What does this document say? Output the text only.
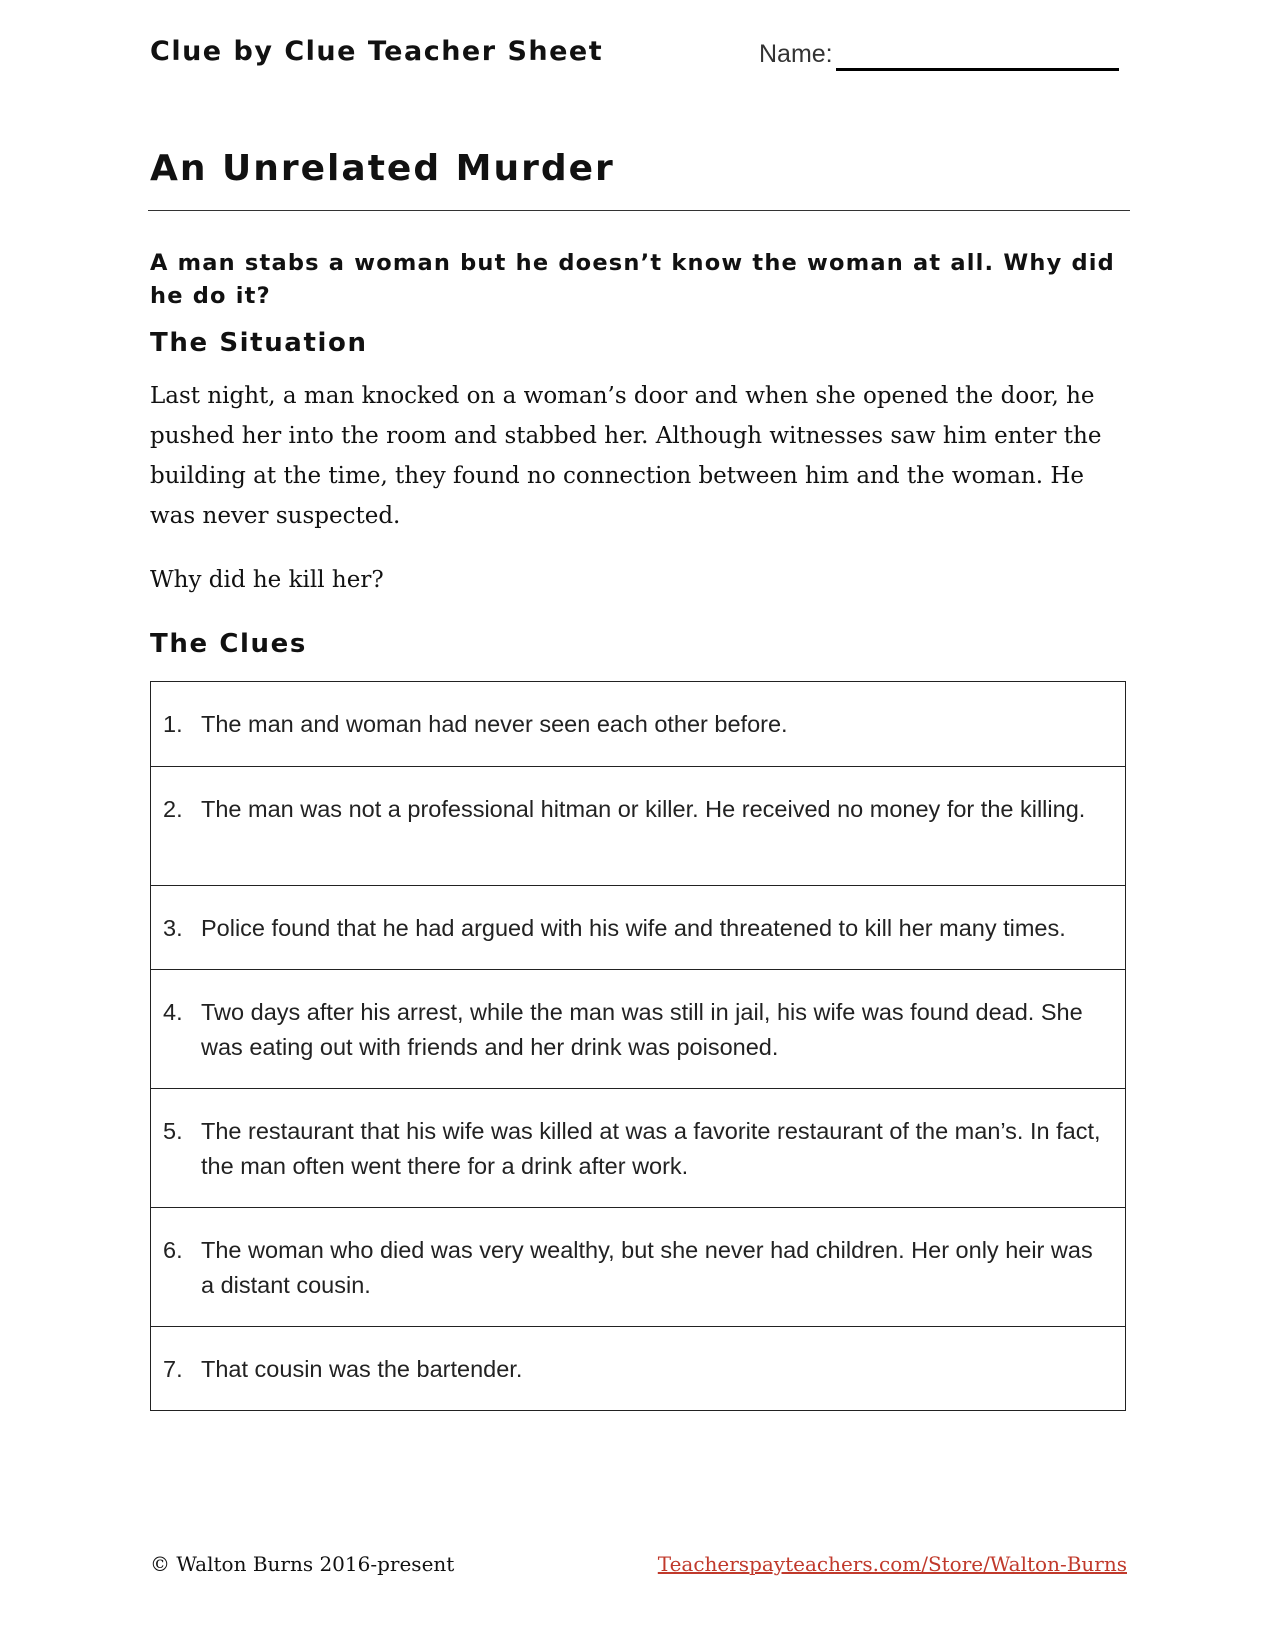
Clue by Clue Teacher Sheet	Name:
An Unrelated Murder
A man stabs a woman but he doesn’t know the woman at all. Why did he do it?
The Situation

Last night, a man knocked on a woman’s door and when she opened the door, he pushed her into the room and stabbed her. Although witnesses saw him enter the building at the time, they found no connection between him and the woman. He was never suspected.

Why did he kill her?

The Clues
1. The man and woman had never seen each other before.
2. The man was not a professional hitman or killer. He received no money for the killing.
3. Police found that he had argued with his wife and threatened to kill her many times.
4. Two days after his arrest, while the man was still in jail, his wife was found dead. She was eating out with friends and her drink was poisoned.
5. The restaurant that his wife was killed at was a favorite restaurant of the man’s. In fact, the man often went there for a drink after work.
6. The woman who died was very wealthy, but she never had children. Her only heir was a distant cousin.
7. That cousin was the bartender.
© Walton Burns 2016-present	Teacherspayteachers.com/Store/Walton-Burns
